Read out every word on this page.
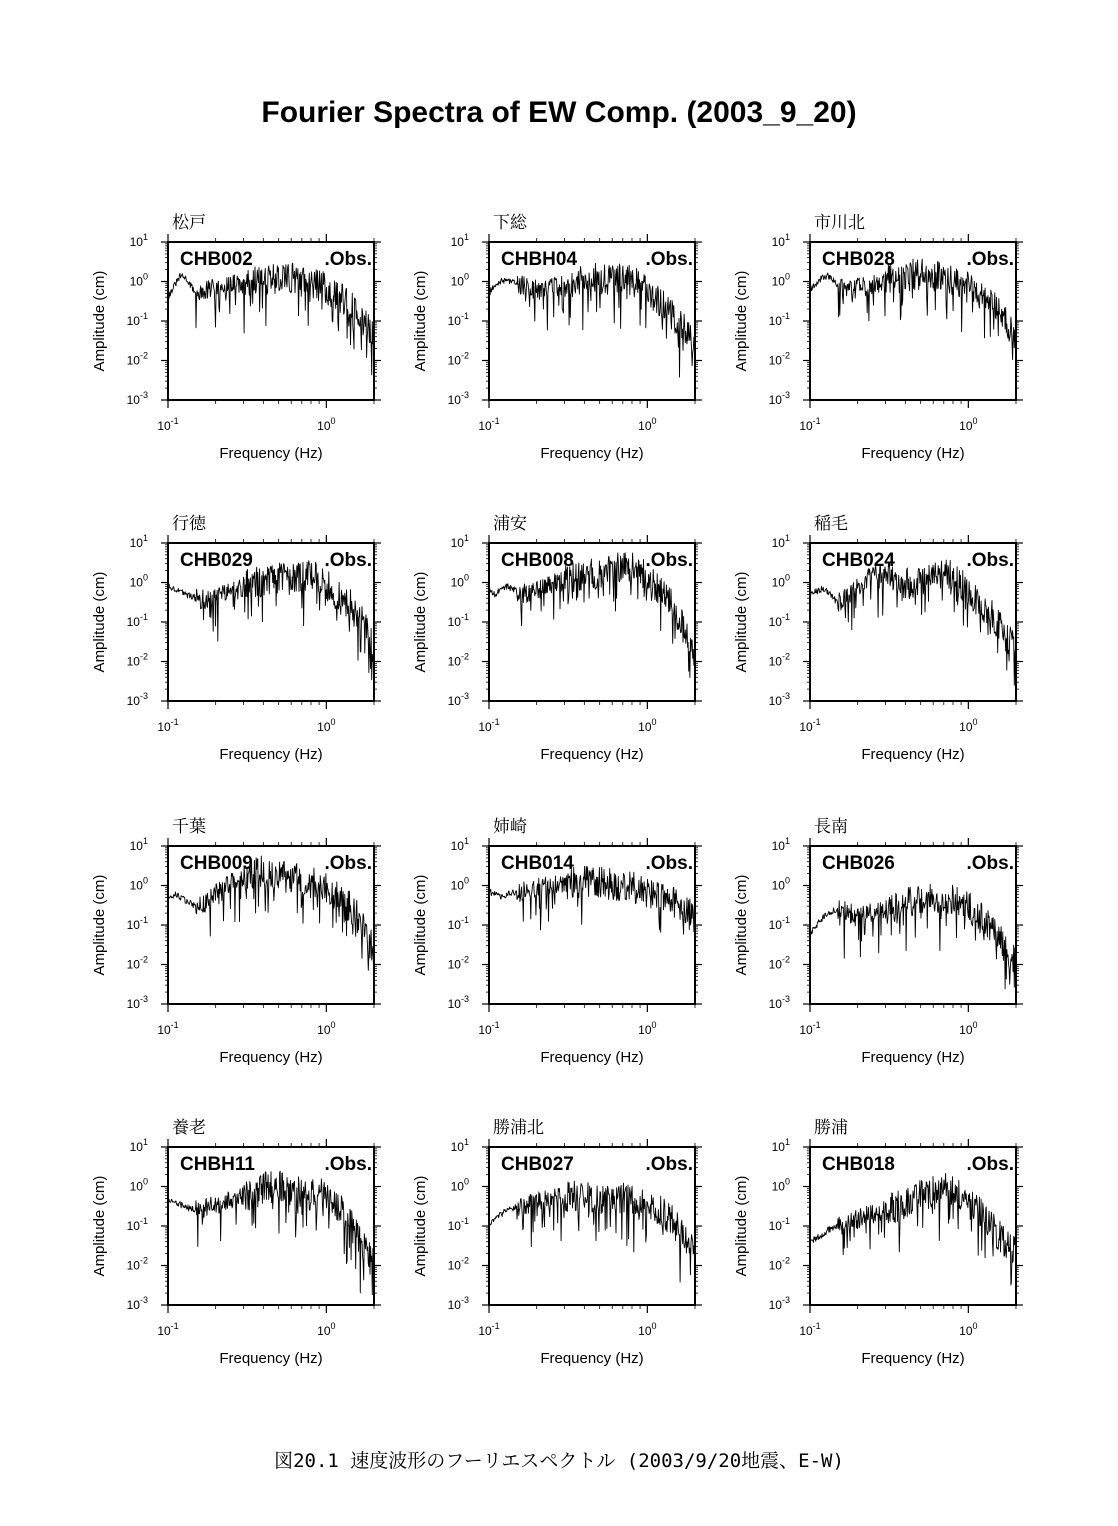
Fourier Spectra of EW Comp. (2003_9_20)
松戸
$10^{-3}$
$10^{-2}$
$10^{-1}$
$10^0$
$10^1$
$10^{-1}$	$10^0$
Frequency (Hz)
Amplitude (cm)
CHB002	.Obs.
下総
$10^{-3}$
$10^{-2}$
$10^{-1}$
$10^0$
$10^1$
$10^{-1}$	$10^0$
Frequency (Hz)
Amplitude (cm)
CHBH04	.Obs.
市川北
$10^{-3}$
$10^{-2}$
$10^{-1}$
$10^0$
$10^1$
$10^{-1}$	$10^0$
Frequency (Hz)
Amplitude (cm)
CHB028	.Obs.
行徳
$10^{-3}$
$10^{-2}$
$10^{-1}$
$10^0$
$10^1$
$10^{-1}$	$10^0$
Frequency (Hz)
Amplitude (cm)
CHB029	.Obs.
浦安
$10^{-3}$
$10^{-2}$
$10^{-1}$
$10^0$
$10^1$
$10^{-1}$	$10^0$
Frequency (Hz)
Amplitude (cm)
CHB008	.Obs.
稲毛
$10^{-3}$
$10^{-2}$
$10^{-1}$
$10^0$
$10^1$
$10^{-1}$	$10^0$
Frequency (Hz)
Amplitude (cm)
CHB024	.Obs.
千葉
$10^{-3}$
$10^{-2}$
$10^{-1}$
$10^0$
$10^1$
$10^{-1}$	$10^0$
Frequency (Hz)
Amplitude (cm)
CHB009	.Obs.
姉崎
$10^{-3}$
$10^{-2}$
$10^{-1}$
$10^0$
$10^1$
$10^{-1}$	$10^0$
Frequency (Hz)
Amplitude (cm)
CHB014	.Obs.
長南
$10^{-3}$
$10^{-2}$
$10^{-1}$
$10^0$
$10^1$
$10^{-1}$	$10^0$
Frequency (Hz)
Amplitude (cm)
CHB026	.Obs.
養老
$10^{-3}$
$10^{-2}$
$10^{-1}$
$10^0$
$10^1$
$10^{-1}$	$10^0$
Frequency (Hz)
Amplitude (cm)
CHBH11	.Obs.
勝浦北
$10^{-3}$
$10^{-2}$
$10^{-1}$
$10^0$
$10^1$
$10^{-1}$	$10^0$
Frequency (Hz)
Amplitude (cm)
CHB027	.Obs.
勝浦
$10^{-3}$
$10^{-2}$
$10^{-1}$
$10^0$
$10^1$
$10^{-1}$	$10^0$
Frequency (Hz)
Amplitude (cm)
CHB018	.Obs.
図20.1 速度波形のフーリエスペクトル (2003/9/20地震、E-W)
